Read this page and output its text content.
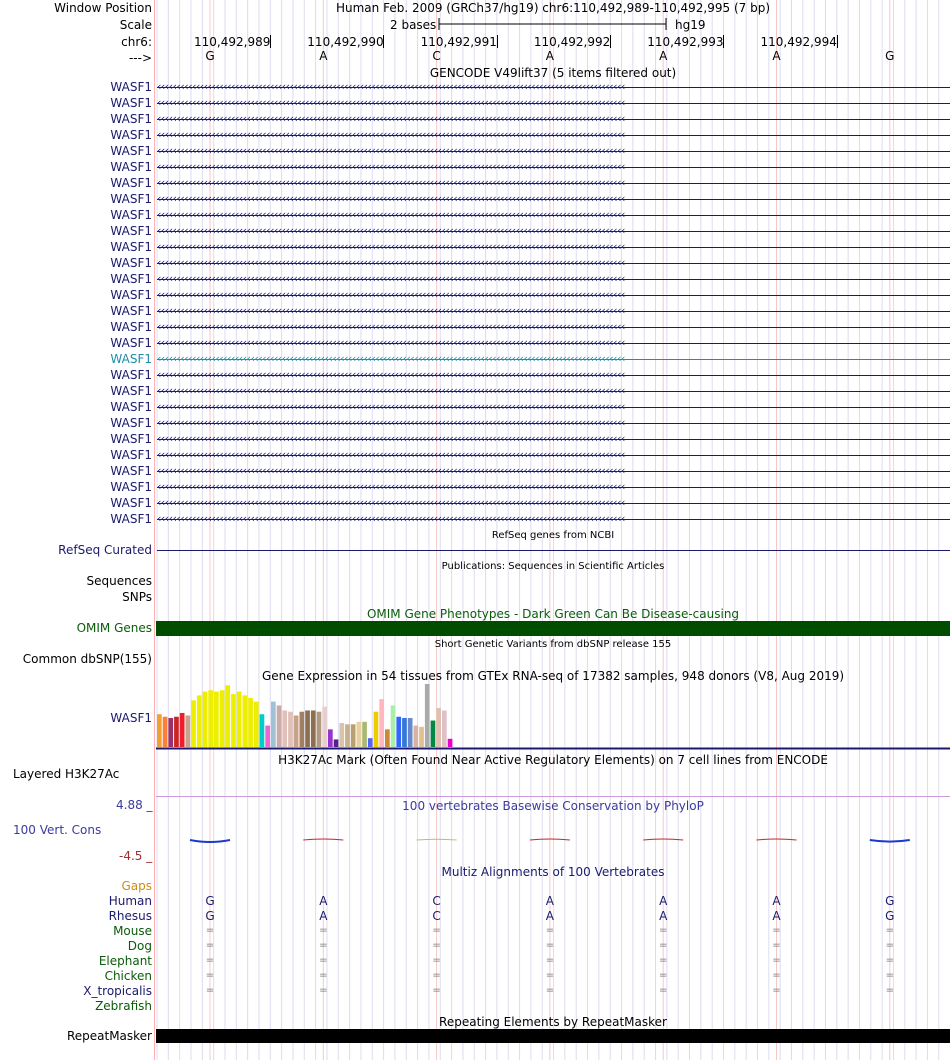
Window Position	Human Feb. 2009 (GRCh37/hg19) chr6:110,492,989-110,492,995 (7 bp)
Scale	2 bases	hg19
chr6:	110,492,989	110,492,990	110,492,991	110,492,992	110,492,993	110,492,994
--->	G	A	C	A	A	A	G
GENCODE V49lift37 (5 items filtered out)
WASF1 ‹‹‹‹‹‹‹‹‹‹‹‹‹‹‹‹‹‹‹‹‹‹‹‹‹‹‹‹‹‹‹‹‹‹‹‹‹‹‹‹‹‹‹‹‹‹‹‹‹‹‹‹‹‹‹‹‹‹‹‹‹‹‹‹‹‹‹‹‹‹‹‹‹‹‹‹‹‹‹‹‹‹‹‹‹‹‹‹‹‹‹‹‹‹‹‹‹‹‹‹‹‹‹‹‹‹‹‹‹‹‹‹‹‹‹‹‹‹‹‹
WASF1 ‹‹‹‹‹‹‹‹‹‹‹‹‹‹‹‹‹‹‹‹‹‹‹‹‹‹‹‹‹‹‹‹‹‹‹‹‹‹‹‹‹‹‹‹‹‹‹‹‹‹‹‹‹‹‹‹‹‹‹‹‹‹‹‹‹‹‹‹‹‹‹‹‹‹‹‹‹‹‹‹‹‹‹‹‹‹‹‹‹‹‹‹‹‹‹‹‹‹‹‹‹‹‹‹‹‹‹‹‹‹‹‹‹‹‹‹‹‹‹‹
WASF1 ‹‹‹‹‹‹‹‹‹‹‹‹‹‹‹‹‹‹‹‹‹‹‹‹‹‹‹‹‹‹‹‹‹‹‹‹‹‹‹‹‹‹‹‹‹‹‹‹‹‹‹‹‹‹‹‹‹‹‹‹‹‹‹‹‹‹‹‹‹‹‹‹‹‹‹‹‹‹‹‹‹‹‹‹‹‹‹‹‹‹‹‹‹‹‹‹‹‹‹‹‹‹‹‹‹‹‹‹‹‹‹‹‹‹‹‹‹‹‹‹
WASF1 ‹‹‹‹‹‹‹‹‹‹‹‹‹‹‹‹‹‹‹‹‹‹‹‹‹‹‹‹‹‹‹‹‹‹‹‹‹‹‹‹‹‹‹‹‹‹‹‹‹‹‹‹‹‹‹‹‹‹‹‹‹‹‹‹‹‹‹‹‹‹‹‹‹‹‹‹‹‹‹‹‹‹‹‹‹‹‹‹‹‹‹‹‹‹‹‹‹‹‹‹‹‹‹‹‹‹‹‹‹‹‹‹‹‹‹‹‹‹‹‹
WASF1 ‹‹‹‹‹‹‹‹‹‹‹‹‹‹‹‹‹‹‹‹‹‹‹‹‹‹‹‹‹‹‹‹‹‹‹‹‹‹‹‹‹‹‹‹‹‹‹‹‹‹‹‹‹‹‹‹‹‹‹‹‹‹‹‹‹‹‹‹‹‹‹‹‹‹‹‹‹‹‹‹‹‹‹‹‹‹‹‹‹‹‹‹‹‹‹‹‹‹‹‹‹‹‹‹‹‹‹‹‹‹‹‹‹‹‹‹‹‹‹‹
WASF1 ‹‹‹‹‹‹‹‹‹‹‹‹‹‹‹‹‹‹‹‹‹‹‹‹‹‹‹‹‹‹‹‹‹‹‹‹‹‹‹‹‹‹‹‹‹‹‹‹‹‹‹‹‹‹‹‹‹‹‹‹‹‹‹‹‹‹‹‹‹‹‹‹‹‹‹‹‹‹‹‹‹‹‹‹‹‹‹‹‹‹‹‹‹‹‹‹‹‹‹‹‹‹‹‹‹‹‹‹‹‹‹‹‹‹‹‹‹‹‹‹
WASF1 ‹‹‹‹‹‹‹‹‹‹‹‹‹‹‹‹‹‹‹‹‹‹‹‹‹‹‹‹‹‹‹‹‹‹‹‹‹‹‹‹‹‹‹‹‹‹‹‹‹‹‹‹‹‹‹‹‹‹‹‹‹‹‹‹‹‹‹‹‹‹‹‹‹‹‹‹‹‹‹‹‹‹‹‹‹‹‹‹‹‹‹‹‹‹‹‹‹‹‹‹‹‹‹‹‹‹‹‹‹‹‹‹‹‹‹‹‹‹‹‹
WASF1 ‹‹‹‹‹‹‹‹‹‹‹‹‹‹‹‹‹‹‹‹‹‹‹‹‹‹‹‹‹‹‹‹‹‹‹‹‹‹‹‹‹‹‹‹‹‹‹‹‹‹‹‹‹‹‹‹‹‹‹‹‹‹‹‹‹‹‹‹‹‹‹‹‹‹‹‹‹‹‹‹‹‹‹‹‹‹‹‹‹‹‹‹‹‹‹‹‹‹‹‹‹‹‹‹‹‹‹‹‹‹‹‹‹‹‹‹‹‹‹‹
WASF1 ‹‹‹‹‹‹‹‹‹‹‹‹‹‹‹‹‹‹‹‹‹‹‹‹‹‹‹‹‹‹‹‹‹‹‹‹‹‹‹‹‹‹‹‹‹‹‹‹‹‹‹‹‹‹‹‹‹‹‹‹‹‹‹‹‹‹‹‹‹‹‹‹‹‹‹‹‹‹‹‹‹‹‹‹‹‹‹‹‹‹‹‹‹‹‹‹‹‹‹‹‹‹‹‹‹‹‹‹‹‹‹‹‹‹‹‹‹‹‹‹
WASF1 ‹‹‹‹‹‹‹‹‹‹‹‹‹‹‹‹‹‹‹‹‹‹‹‹‹‹‹‹‹‹‹‹‹‹‹‹‹‹‹‹‹‹‹‹‹‹‹‹‹‹‹‹‹‹‹‹‹‹‹‹‹‹‹‹‹‹‹‹‹‹‹‹‹‹‹‹‹‹‹‹‹‹‹‹‹‹‹‹‹‹‹‹‹‹‹‹‹‹‹‹‹‹‹‹‹‹‹‹‹‹‹‹‹‹‹‹‹‹‹‹
WASF1 ‹‹‹‹‹‹‹‹‹‹‹‹‹‹‹‹‹‹‹‹‹‹‹‹‹‹‹‹‹‹‹‹‹‹‹‹‹‹‹‹‹‹‹‹‹‹‹‹‹‹‹‹‹‹‹‹‹‹‹‹‹‹‹‹‹‹‹‹‹‹‹‹‹‹‹‹‹‹‹‹‹‹‹‹‹‹‹‹‹‹‹‹‹‹‹‹‹‹‹‹‹‹‹‹‹‹‹‹‹‹‹‹‹‹‹‹‹‹‹‹
WASF1 ‹‹‹‹‹‹‹‹‹‹‹‹‹‹‹‹‹‹‹‹‹‹‹‹‹‹‹‹‹‹‹‹‹‹‹‹‹‹‹‹‹‹‹‹‹‹‹‹‹‹‹‹‹‹‹‹‹‹‹‹‹‹‹‹‹‹‹‹‹‹‹‹‹‹‹‹‹‹‹‹‹‹‹‹‹‹‹‹‹‹‹‹‹‹‹‹‹‹‹‹‹‹‹‹‹‹‹‹‹‹‹‹‹‹‹‹‹‹‹‹
WASF1 ‹‹‹‹‹‹‹‹‹‹‹‹‹‹‹‹‹‹‹‹‹‹‹‹‹‹‹‹‹‹‹‹‹‹‹‹‹‹‹‹‹‹‹‹‹‹‹‹‹‹‹‹‹‹‹‹‹‹‹‹‹‹‹‹‹‹‹‹‹‹‹‹‹‹‹‹‹‹‹‹‹‹‹‹‹‹‹‹‹‹‹‹‹‹‹‹‹‹‹‹‹‹‹‹‹‹‹‹‹‹‹‹‹‹‹‹‹‹‹‹
WASF1 ‹‹‹‹‹‹‹‹‹‹‹‹‹‹‹‹‹‹‹‹‹‹‹‹‹‹‹‹‹‹‹‹‹‹‹‹‹‹‹‹‹‹‹‹‹‹‹‹‹‹‹‹‹‹‹‹‹‹‹‹‹‹‹‹‹‹‹‹‹‹‹‹‹‹‹‹‹‹‹‹‹‹‹‹‹‹‹‹‹‹‹‹‹‹‹‹‹‹‹‹‹‹‹‹‹‹‹‹‹‹‹‹‹‹‹‹‹‹‹‹
WASF1 ‹‹‹‹‹‹‹‹‹‹‹‹‹‹‹‹‹‹‹‹‹‹‹‹‹‹‹‹‹‹‹‹‹‹‹‹‹‹‹‹‹‹‹‹‹‹‹‹‹‹‹‹‹‹‹‹‹‹‹‹‹‹‹‹‹‹‹‹‹‹‹‹‹‹‹‹‹‹‹‹‹‹‹‹‹‹‹‹‹‹‹‹‹‹‹‹‹‹‹‹‹‹‹‹‹‹‹‹‹‹‹‹‹‹‹‹‹‹‹‹
WASF1 ‹‹‹‹‹‹‹‹‹‹‹‹‹‹‹‹‹‹‹‹‹‹‹‹‹‹‹‹‹‹‹‹‹‹‹‹‹‹‹‹‹‹‹‹‹‹‹‹‹‹‹‹‹‹‹‹‹‹‹‹‹‹‹‹‹‹‹‹‹‹‹‹‹‹‹‹‹‹‹‹‹‹‹‹‹‹‹‹‹‹‹‹‹‹‹‹‹‹‹‹‹‹‹‹‹‹‹‹‹‹‹‹‹‹‹‹‹‹‹‹
WASF1 ‹‹‹‹‹‹‹‹‹‹‹‹‹‹‹‹‹‹‹‹‹‹‹‹‹‹‹‹‹‹‹‹‹‹‹‹‹‹‹‹‹‹‹‹‹‹‹‹‹‹‹‹‹‹‹‹‹‹‹‹‹‹‹‹‹‹‹‹‹‹‹‹‹‹‹‹‹‹‹‹‹‹‹‹‹‹‹‹‹‹‹‹‹‹‹‹‹‹‹‹‹‹‹‹‹‹‹‹‹‹‹‹‹‹‹‹‹‹‹‹
WASF1 ‹‹‹‹‹‹‹‹‹‹‹‹‹‹‹‹‹‹‹‹‹‹‹‹‹‹‹‹‹‹‹‹‹‹‹‹‹‹‹‹‹‹‹‹‹‹‹‹‹‹‹‹‹‹‹‹‹‹‹‹‹‹‹‹‹‹‹‹‹‹‹‹‹‹‹‹‹‹‹‹‹‹‹‹‹‹‹‹‹‹‹‹‹‹‹‹‹‹‹‹‹‹‹‹‹‹‹‹‹‹‹‹‹‹‹‹‹‹‹‹
WASF1 ‹‹‹‹‹‹‹‹‹‹‹‹‹‹‹‹‹‹‹‹‹‹‹‹‹‹‹‹‹‹‹‹‹‹‹‹‹‹‹‹‹‹‹‹‹‹‹‹‹‹‹‹‹‹‹‹‹‹‹‹‹‹‹‹‹‹‹‹‹‹‹‹‹‹‹‹‹‹‹‹‹‹‹‹‹‹‹‹‹‹‹‹‹‹‹‹‹‹‹‹‹‹‹‹‹‹‹‹‹‹‹‹‹‹‹‹‹‹‹‹
WASF1 ‹‹‹‹‹‹‹‹‹‹‹‹‹‹‹‹‹‹‹‹‹‹‹‹‹‹‹‹‹‹‹‹‹‹‹‹‹‹‹‹‹‹‹‹‹‹‹‹‹‹‹‹‹‹‹‹‹‹‹‹‹‹‹‹‹‹‹‹‹‹‹‹‹‹‹‹‹‹‹‹‹‹‹‹‹‹‹‹‹‹‹‹‹‹‹‹‹‹‹‹‹‹‹‹‹‹‹‹‹‹‹‹‹‹‹‹‹‹‹‹
WASF1 ‹‹‹‹‹‹‹‹‹‹‹‹‹‹‹‹‹‹‹‹‹‹‹‹‹‹‹‹‹‹‹‹‹‹‹‹‹‹‹‹‹‹‹‹‹‹‹‹‹‹‹‹‹‹‹‹‹‹‹‹‹‹‹‹‹‹‹‹‹‹‹‹‹‹‹‹‹‹‹‹‹‹‹‹‹‹‹‹‹‹‹‹‹‹‹‹‹‹‹‹‹‹‹‹‹‹‹‹‹‹‹‹‹‹‹‹‹‹‹‹
WASF1 ‹‹‹‹‹‹‹‹‹‹‹‹‹‹‹‹‹‹‹‹‹‹‹‹‹‹‹‹‹‹‹‹‹‹‹‹‹‹‹‹‹‹‹‹‹‹‹‹‹‹‹‹‹‹‹‹‹‹‹‹‹‹‹‹‹‹‹‹‹‹‹‹‹‹‹‹‹‹‹‹‹‹‹‹‹‹‹‹‹‹‹‹‹‹‹‹‹‹‹‹‹‹‹‹‹‹‹‹‹‹‹‹‹‹‹‹‹‹‹‹
WASF1 ‹‹‹‹‹‹‹‹‹‹‹‹‹‹‹‹‹‹‹‹‹‹‹‹‹‹‹‹‹‹‹‹‹‹‹‹‹‹‹‹‹‹‹‹‹‹‹‹‹‹‹‹‹‹‹‹‹‹‹‹‹‹‹‹‹‹‹‹‹‹‹‹‹‹‹‹‹‹‹‹‹‹‹‹‹‹‹‹‹‹‹‹‹‹‹‹‹‹‹‹‹‹‹‹‹‹‹‹‹‹‹‹‹‹‹‹‹‹‹‹
WASF1 ‹‹‹‹‹‹‹‹‹‹‹‹‹‹‹‹‹‹‹‹‹‹‹‹‹‹‹‹‹‹‹‹‹‹‹‹‹‹‹‹‹‹‹‹‹‹‹‹‹‹‹‹‹‹‹‹‹‹‹‹‹‹‹‹‹‹‹‹‹‹‹‹‹‹‹‹‹‹‹‹‹‹‹‹‹‹‹‹‹‹‹‹‹‹‹‹‹‹‹‹‹‹‹‹‹‹‹‹‹‹‹‹‹‹‹‹‹‹‹‹
WASF1 ‹‹‹‹‹‹‹‹‹‹‹‹‹‹‹‹‹‹‹‹‹‹‹‹‹‹‹‹‹‹‹‹‹‹‹‹‹‹‹‹‹‹‹‹‹‹‹‹‹‹‹‹‹‹‹‹‹‹‹‹‹‹‹‹‹‹‹‹‹‹‹‹‹‹‹‹‹‹‹‹‹‹‹‹‹‹‹‹‹‹‹‹‹‹‹‹‹‹‹‹‹‹‹‹‹‹‹‹‹‹‹‹‹‹‹‹‹‹‹‹
WASF1 ‹‹‹‹‹‹‹‹‹‹‹‹‹‹‹‹‹‹‹‹‹‹‹‹‹‹‹‹‹‹‹‹‹‹‹‹‹‹‹‹‹‹‹‹‹‹‹‹‹‹‹‹‹‹‹‹‹‹‹‹‹‹‹‹‹‹‹‹‹‹‹‹‹‹‹‹‹‹‹‹‹‹‹‹‹‹‹‹‹‹‹‹‹‹‹‹‹‹‹‹‹‹‹‹‹‹‹‹‹‹‹‹‹‹‹‹‹‹‹‹
WASF1 ‹‹‹‹‹‹‹‹‹‹‹‹‹‹‹‹‹‹‹‹‹‹‹‹‹‹‹‹‹‹‹‹‹‹‹‹‹‹‹‹‹‹‹‹‹‹‹‹‹‹‹‹‹‹‹‹‹‹‹‹‹‹‹‹‹‹‹‹‹‹‹‹‹‹‹‹‹‹‹‹‹‹‹‹‹‹‹‹‹‹‹‹‹‹‹‹‹‹‹‹‹‹‹‹‹‹‹‹‹‹‹‹‹‹‹‹‹‹‹‹
WASF1 ‹‹‹‹‹‹‹‹‹‹‹‹‹‹‹‹‹‹‹‹‹‹‹‹‹‹‹‹‹‹‹‹‹‹‹‹‹‹‹‹‹‹‹‹‹‹‹‹‹‹‹‹‹‹‹‹‹‹‹‹‹‹‹‹‹‹‹‹‹‹‹‹‹‹‹‹‹‹‹‹‹‹‹‹‹‹‹‹‹‹‹‹‹‹‹‹‹‹‹‹‹‹‹‹‹‹‹‹‹‹‹‹‹‹‹‹‹‹‹‹
RefSeq genes from NCBI
RefSeq Curated
Publications: Sequences in Scientific Articles
Sequences
SNPs
OMIM Gene Phenotypes - Dark Green Can Be Disease-causing
OMIM Genes
Short Genetic Variants from dbSNP release 155
Common dbSNP(155)
Gene Expression in 54 tissues from GTEx RNA-seq of 17382 samples, 948 donors (V8, Aug 2019)
WASF1
H3K27Ac Mark (Often Found Near Active Regulatory Elements) on 7 cell lines from ENCODE
Layered H3K27Ac
100 vertebrates Basewise Conservation by PhyloP
4.88 _
100 Vert. Cons
-4.5 _
Multiz Alignments of 100 Vertebrates
Gaps
Human	G	A	C	A	A	A	G
Rhesus	G	A	C	A	A	A	G
Mouse	=	=	=	=	=	=	=
Dog	=	=	=	=	=	=	=
Elephant	=	=	=	=	=	=	=
Chicken	=	=	=	=	=	=	=
X_tropicalis	=	=	=	=	=	=	=
Zebrafish
Repeating Elements by RepeatMasker
RepeatMasker
